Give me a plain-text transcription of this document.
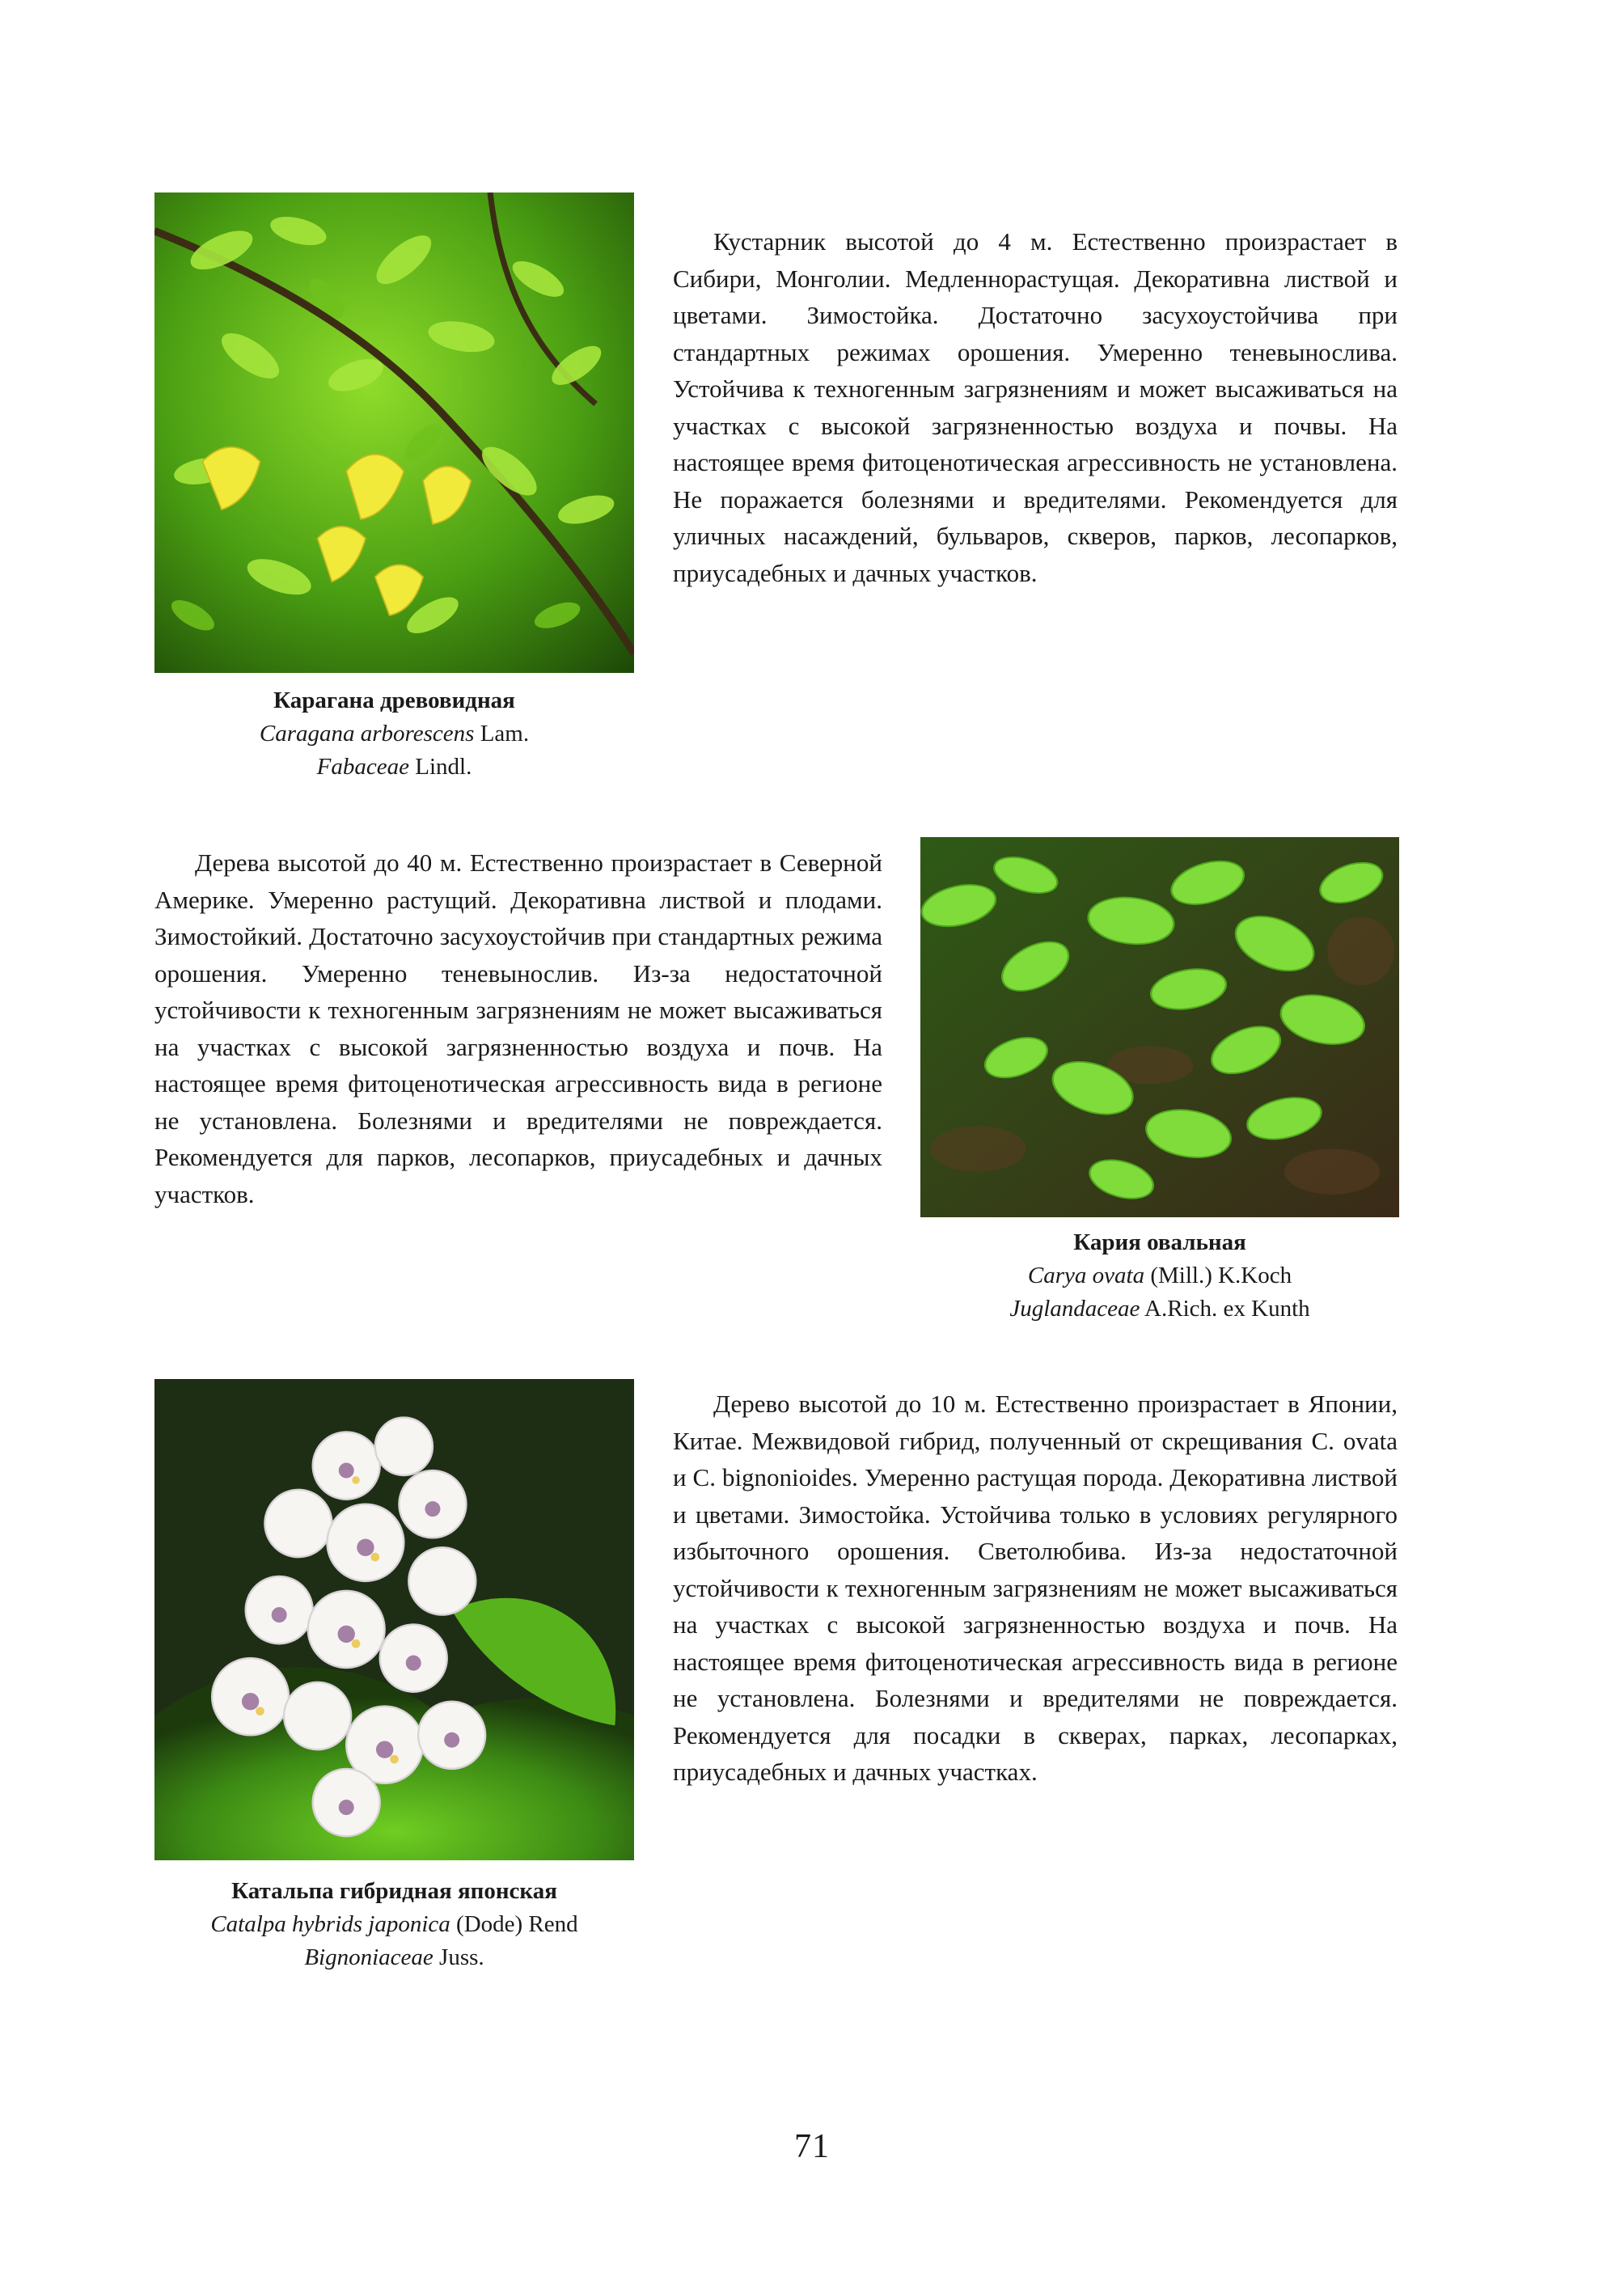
Кустарник высотой до 4 м. Естественно произрастает в Сибири, Монголии. Медленнорастущая. Декоративна листвой и цветами. Зимостойка. Достаточно засухоустойчива при стандартных режимах орошения. Умеренно теневынослива. Устойчива к техногенным загрязнениям и может высаживаться на участках с высокой загрязненностью воздуха и почвы. На настоящее время фитоценотическая агрессивность не установлена. Не поражается болезнями и вредителями. Рекомендуется для уличных насаждений, бульваров, скверов, парков, лесопарков, приусадебных и дачных участков.

Карагана древовидная
Caragana arborescens Lam.
Fabaceae Lindl.

Дерева высотой до 40 м. Естественно произрастает в Северной Америке. Умеренно растущий. Декоративна листвой и плодами. Зимостойкий. Достаточно засухоустойчив при стандартных режима орошения. Умеренно теневынослив. Из-за недостаточной устойчивости к техногенным загрязнениям не может высаживаться на участках с высокой загрязненностью воздуха и почв. На настоящее время фитоценотическая агрессивность вида в регионе не установлена. Болезнями и вредителями не повреждается. Рекомендуется для парков, лесопарков, приусадебных и дачных участков.

Кария овальная
Carya ovata (Mill.) K.Koch
Juglandaceae A.Rich. ex Kunth

Дерево высотой до 10 м. Естественно произрастает в Японии, Китае. Межвидовой гибрид, полученный от скрещивания C. ovata и C. bignonioides. Умеренно растущая порода. Декоративна листвой и цветами. Зимостойка. Устойчива только в условиях регулярного избыточного орошения. Светолюбива. Из-за недостаточной устойчивости к техногенным загрязнениям не может высаживаться на участках с высокой загрязненностью воздуха и почв. На настоящее время фитоценотическая агрессивность вида в регионе не установлена. Болезнями и вредителями не повреждается. Рекомендуется для посадки в скверах, парках, лесопарках, приусадебных и дачных участках.

Катальпа гибридная японская
Catalpa hybrids japonica (Dode) Rend
Bignoniaceae Juss.
71
